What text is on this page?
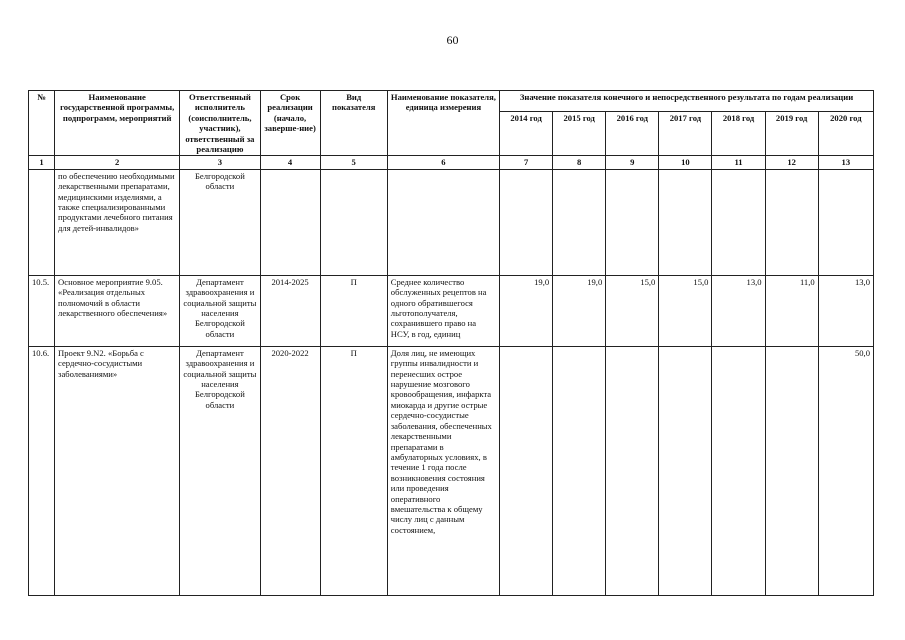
60
№	Наименование государственной программы, подпрограмм, мероприятий	Ответственный исполнитель (соисполнитель, участник), ответственный за реализацию	Срок реализации (начало, заверше-ние)	Вид показателя	Наименование показателя, единица измерения	Значение показателя конечного и непосредственного результата по годам реализации						
						2014 год	2015 год	2016 год	2017 год	2018 год	2019 год	2020 год
1	2	3	4	5	6	7	8	9	10	11	12	13
	по обеспечению необходимыми лекарственными препаратами, медицинскими изделиями, а также специализированными продуктами лечебного питания для детей-инвалидов»	Белгородской области										
10.5.	Основное мероприятие 9.05. «Реализация отдельных полномочий в области лекарственного обеспечения»	Департамент здравоохранения и социальной защиты населения Белгородской области	2014-2025	П	Среднее количество обслуженных рецептов на одного обратившегося льготополучателя, сохранившего право на НСУ, в год, единиц	19,0	19,0	15,0	15,0	13,0	11,0	13,0
10.6.	Проект 9.N2. «Борьба с сердечно-сосудистыми заболеваниями»	Департамент здравоохранения и социальной защиты населения Белгородской области	2020-2022	П	Доля лиц, не имеющих группы инвалидности и перенесших острое нарушение мозгового кровообращения, инфаркта миокарда и другие острые сердечно-сосудистые заболевания, обеспеченных лекарственными препаратами в амбулаторных условиях, в течение 1 года после возникновения состояния или проведения оперативного вмешательства к общему числу лиц с данным состоянием,							50,0
